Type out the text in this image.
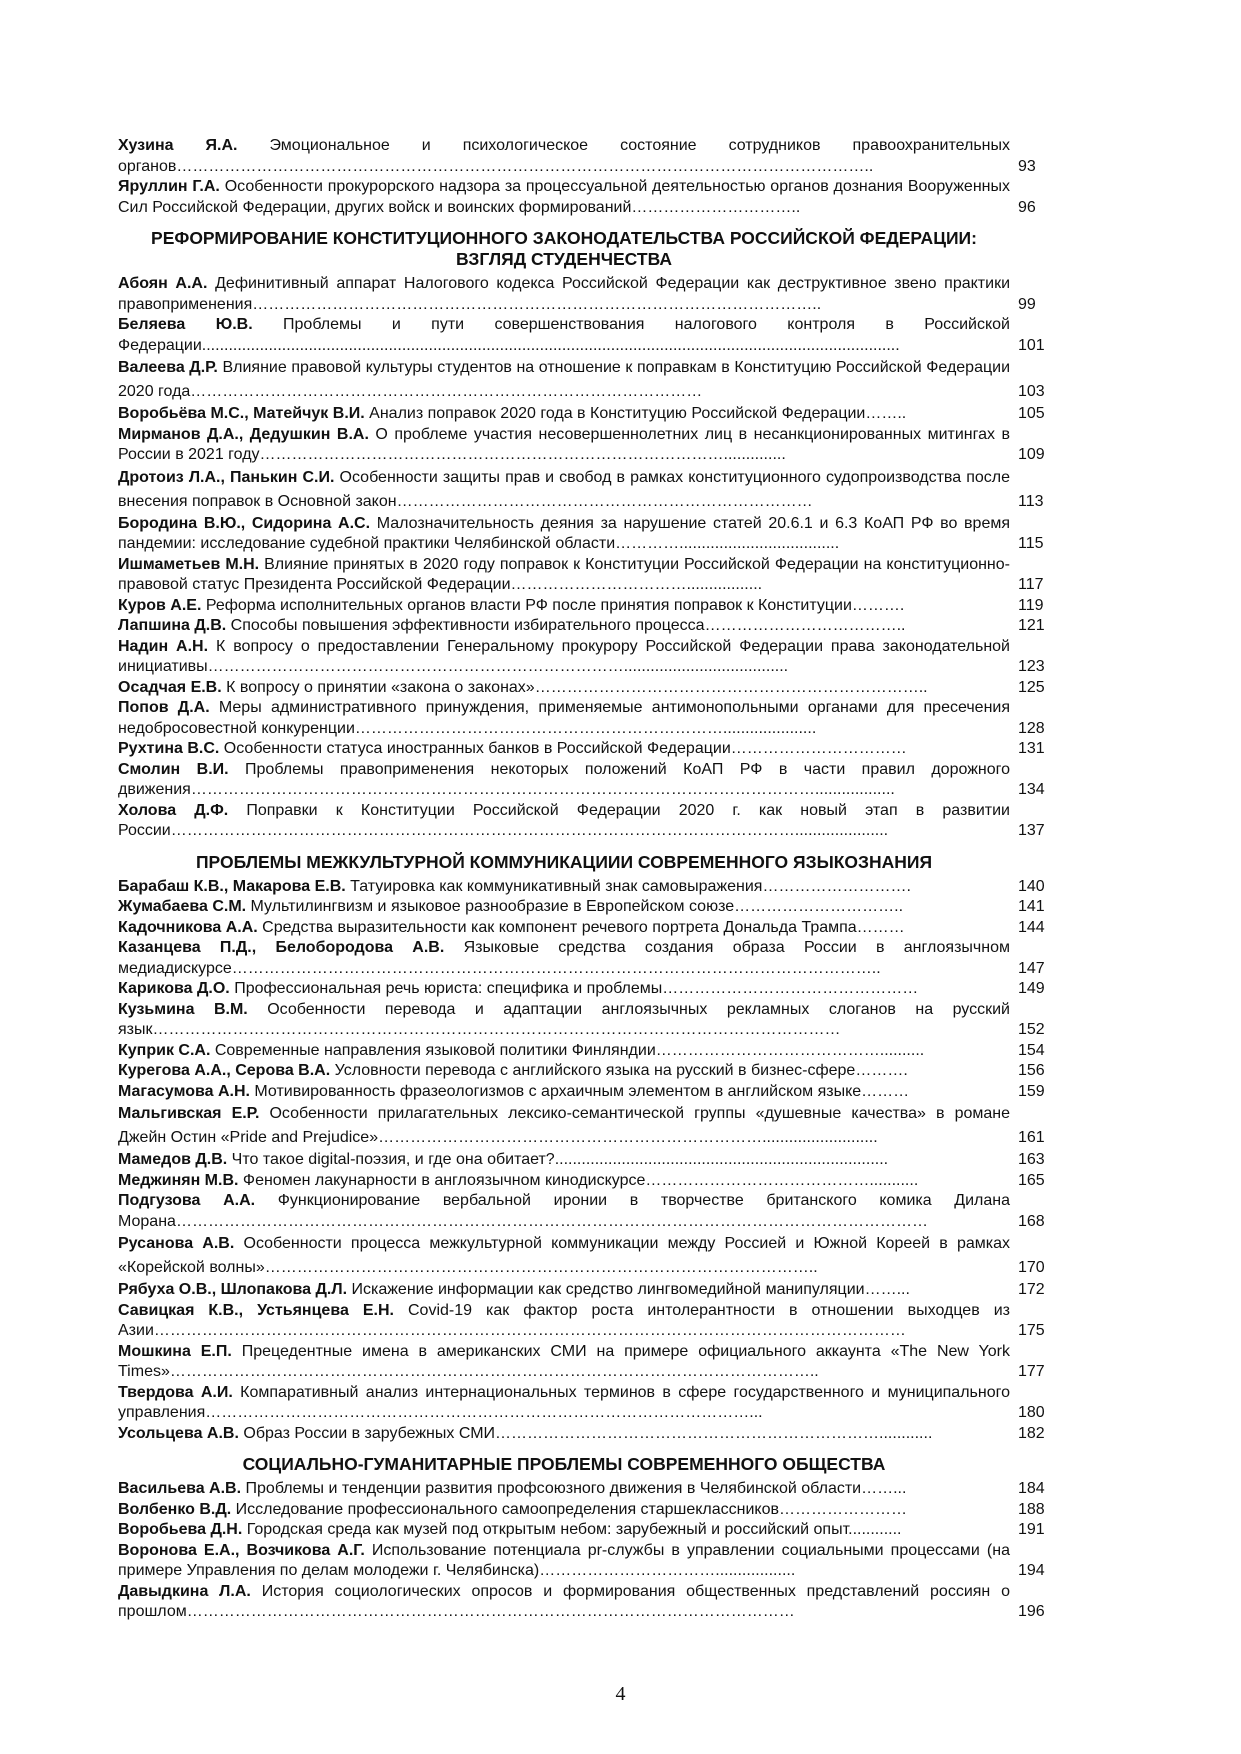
Хузина Я.А. Эмоциональное и психологическое состояние сотрудников правоохранительных органов…………………………………………………………………………………………………………………..	93
Яруллин Г.А. Особенности прокурорского надзора за процессуальной деятельностью органов дознания Вооруженных Сил Российской Федерации, других войск и воинских формирований…………………………..	96
РЕФОРМИРОВАНИЕ КОНСТИТУЦИОННОГО ЗАКОНОДАТЕЛЬСТВА РОССИЙСКОЙ ФЕДЕРАЦИИ: ВЗГЛЯД СТУДЕНЧЕСТВА
Абоян А.А. Дефинитивный аппарат Налогового кодекса Российской Федерации как деструктивное звено практики правоприменения……………………………………………………………………………………………..	99
Беляева Ю.В. Проблемы и пути совершенствования налогового контроля в Российской Федерации.............................................................................................................................................................	101
Валеева Д.Р. Влияние правовой культуры студентов на отношение к поправкам в Конституцию Российской Федерации 2020 года……………………………………………………………………………………	103
Воробьёва М.С., Матейчук В.И. Анализ поправок 2020 года в Конституцию Российской Федерации……..	105
Мирманов Д.А., Дедушкин В.А. О проблеме участия несовершеннолетних лиц в несанкционированных митингах в России в 2021 году……………………………………………………………………………..............	109
Дротоиз Л.А., Панькин С.И. Особенности защиты прав и свобод в рамках конституционного судопроизводства после внесения поправок в Основной закон……………………………………………………………………	113
Бородина В.Ю., Сидорина А.С. Малозначительность деяния за нарушение статей 20.6.1 и 6.3 КоАП РФ во время пандемии: исследование судебной практики Челябинской области…………....................................	115
Ишмаметьев М.Н. Влияние принятых в 2020 году поправок к Конституции Российской Федерации на конституционно-правовой статус Президента Российской Федерации…………………………….................	117
Куров А.Е. Реформа исполнительных органов власти РФ после принятия поправок к Конституции……….	119
Лапшина Д.В. Способы повышения эффективности избирательного процесса………………………………..	121
Надин А.Н. К вопросу о предоставлении Генеральному прокурору Российской Федерации права законодательной инициативы…………………………………………………………………….....................................	123
Осадчая Е.В. К вопросу о принятии «закона о законах»………………………………………………………………..	125
Попов Д.А. Меры административного принуждения, применяемые антимонопольными органами для пресечения недобросовестной конкуренции…………………………………………………………….....................	128
Рухтина В.С. Особенности статуса иностранных банков в Российской Федерации……………………………	131
Смолин В.И. Проблемы правоприменения некоторых положений КоАП РФ в части правил дорожного движения………………………………………………………………………………………………………..................	134
Холова Д.Ф. Поправки к Конституции Российской Федерации 2020 г. как новый этап в развитии России……………………………………………………………………………………………………….....................	137
ПРОБЛЕМЫ МЕЖКУЛЬТУРНОЙ КОММУНИКАЦИИИ СОВРЕМЕННОГО ЯЗЫКОЗНАНИЯ
Барабаш К.В., Макарова Е.В. Татуировка как коммуникативный знак самовыражения……………………….	140
Жумабаева С.М. Мультилингвизм и языковое разнообразие в Европейском союзе…………………………..	141
Кадочникова А.А. Средства выразительности как компонент речевого портрета Дональда Трампа………	144
Казанцева П.Д., Белобородова А.В. Языковые средства создания образа России в англоязычном медиадискурсе…………………………………………………………………………………………………………..	147
Карикова Д.О. Профессиональная речь юриста: специфика и проблемы…………………………………………	149
Кузьмина В.М. Особенности перевода и адаптации англоязычных рекламных слоганов на русский язык…………………………………………………………………………………………………………………	152
Куприк С.А. Современные направления языковой политики Финляндии……………………………………..........	154
Курегова А.А., Серова В.А. Условности перевода с английского языка на русский в бизнес-сфере……….	156
Магасумова А.Н. Мотивированность фразеологизмов с архаичным элементом в английском языке………	159
Мальгивская Е.Р. Особенности прилагательных лексико-семантической группы «душевные качества» в романе Джейн Остин «Pride and Prejudice»………………………………………………………………..........................	161
Мамедов Д.В. Что такое digital-поэзия, и где она обитает?...........................................................................	163
Меджинян М.В. Феномен лакунарности в англоязычном кинодискурсе……………………………………...........	165
Подгузова А.А. Функционирование вербальной иронии в творчестве британского комика Дилана Морана……………………………………………………………………………………………………………………………	168
Русанова А.В. Особенности процесса межкультурной коммуникации между Россией и Южной Кореей в рамках «Корейской волны»…………………………………………………………………………………………..	170
Рябуха О.В., Шлопакова Д.Л. Искажение информации как средство лингвомедийной манипуляции……...	172
Савицкая К.В., Устьянцева Е.Н. Covid-19 как фактор роста интолерантности в отношении выходцев из Азии……………………………………………………………………………………………………………………………	175
Мошкина Е.П. Прецедентные имена в американских СМИ на примере официального аккаунта «The New York Times»…………………………………………………………………………………………………………..	177
Твердова А.И. Компаративный анализ интернациональных терминов в сфере государственного и муниципального управления…………………………………………………………………………………………...	180
Усольцева А.В. Образ России в зарубежных СМИ………………………………………………………………............	182
СОЦИАЛЬНО-ГУМАНИТАРНЫЕ ПРОБЛЕМЫ СОВРЕМЕННОГО ОБЩЕСТВА
Васильева А.В. Проблемы и тенденции развития профсоюзного движения в Челябинской области……...	184
Волбенко В.Д. Исследование профессионального самоопределения старшеклассников……………………	188
Воробьева Д.Н. Городская среда как музей под открытым небом: зарубежный и российский опыт............	191
Воронова Е.А., Возчикова А.Г. Использование потенциала pr-службы в управлении социальными процессами (на примере Управления по делам молодежи г. Челябинска)……………………………..................	194
Давыдкина Л.А. История социологических опросов и формирования общественных представлений россиян о прошлом……………………………………………………………………………………………………	196
4
